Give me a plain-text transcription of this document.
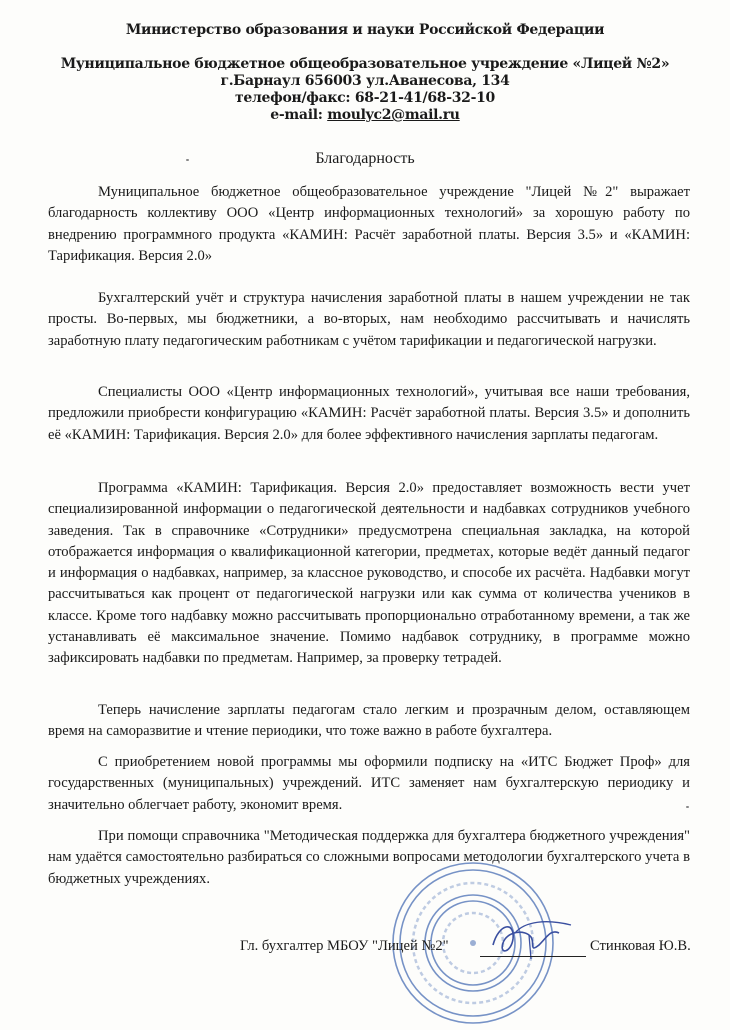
Министерство образования и науки Российской Федерации
Муниципальное бюджетное общеобразовательное учреждение «Лицей №2»
г.Барнаул 656003 ул.Аванесова, 134
телефон/факс: 68-21-41/68-32-10
e-mail: moulyc2@mail.ru
Благодарность
Муниципальное бюджетное общеобразовательное учреждение "Лицей №2" выражает благодарность коллективу ООО «Центр информационных технологий» за хорошую работу по внедрению программного продукта «КАМИН: Расчёт заработной платы. Версия 3.5» и «КАМИН: Тарификация. Версия 2.0»
Бухгалтерский учёт и структура начисления заработной платы в нашем учреждении не так просты. Во-первых, мы бюджетники, а во-вторых, нам необходимо рассчитывать и начислять заработную плату педагогическим работникам с учётом тарификации и педагогической нагрузки.
Специалисты ООО «Центр информационных технологий», учитывая все наши требования, предложили приобрести конфигурацию «КАМИН: Расчёт заработной платы. Версия 3.5» и дополнить её «КАМИН: Тарификация. Версия 2.0» для более эффективного начисления зарплаты педагогам.
Программа «КАМИН: Тарификация. Версия 2.0» предоставляет возможность вести учет специализированной информации о педагогической деятельности и надбавках сотрудников учебного заведения. Так в справочнике «Сотрудники» предусмотрена специальная закладка, на которой отображается информация о квалификационной категории, предметах, которые ведёт данный педагог и информация о надбавках, например, за классное руководство, и способе их расчёта. Надбавки могут рассчитываться как процент от педагогической нагрузки или как сумма от количества учеников в классе. Кроме того надбавку можно рассчитывать пропорционально отработанному времени, а так же устанавливать её максимальное значение. Помимо надбавок сотруднику, в программе можно зафиксировать надбавки по предметам. Например, за проверку тетрадей.
Теперь начисление зарплаты педагогам стало легким и прозрачным делом, оставляющем время на саморазвитие и чтение периодики, что тоже важно в работе бухгалтера.
С приобретением новой программы мы оформили подписку на «ИТС Бюджет Проф» для государственных (муниципальных) учреждений. ИТС заменяет нам бухгалтерскую периодику и значительно облегчает работу, экономит время.
При помощи справочника "Методическая поддержка для бухгалтера бюджетного учреждения" нам удаётся самостоятельно разбираться со сложными вопросами методологии бухгалтерского учета в бюджетных учреждениях.
Гл. бухгалтер МБОУ "Лицей №2"	Стинковая Ю.В.
